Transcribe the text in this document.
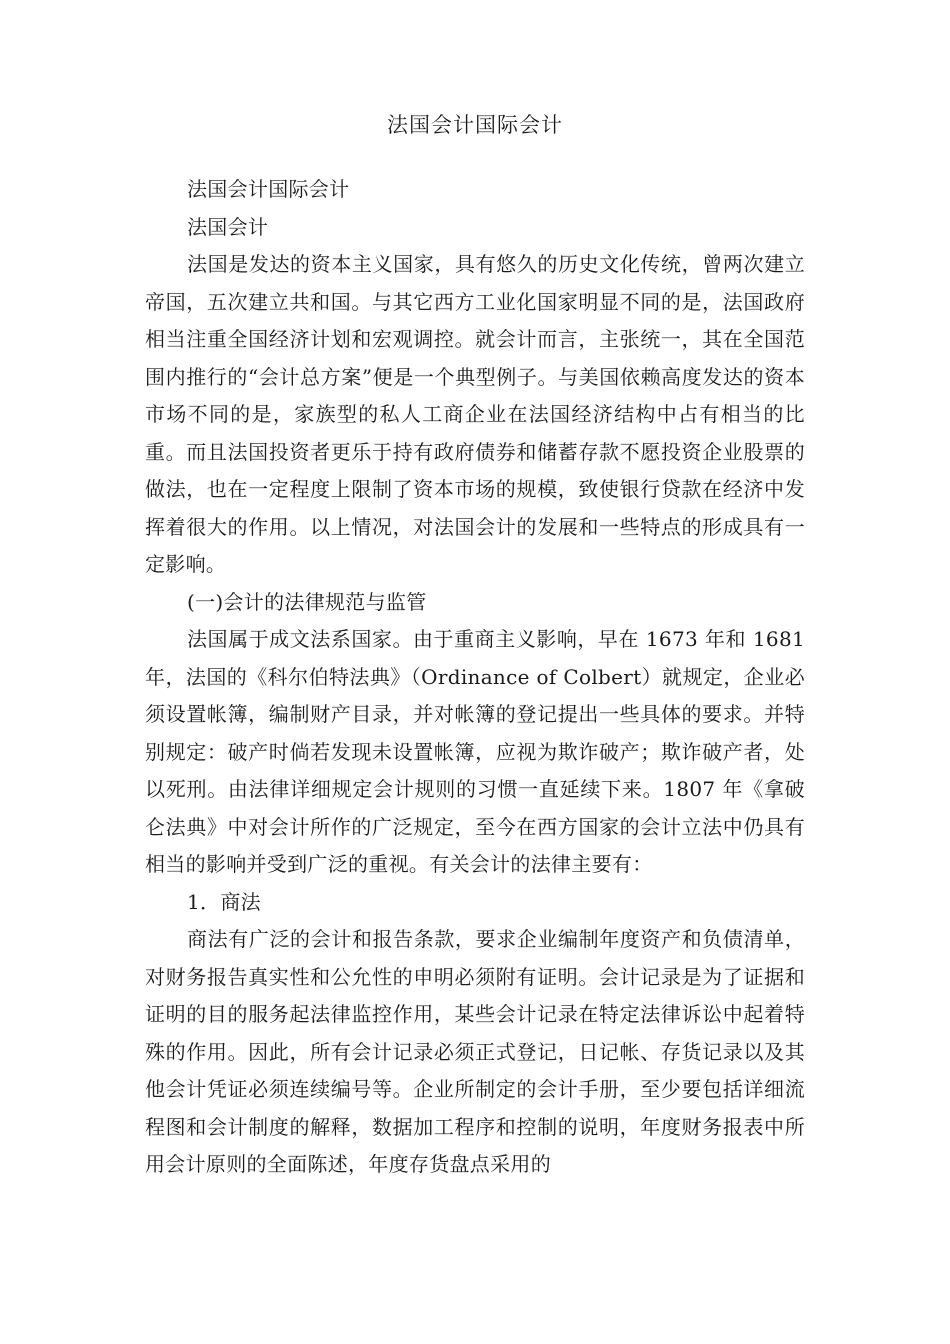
法国会计国际会计

法国会计国际会计

法国会计

法国是发达的资本主义国家，具有悠久的历史文化传统，曾两次建立帝国，五次建立共和国。与其它西方工业化国家明显不同的是，法国政府相当注重全国经济计划和宏观调控。就会计而言，主张统一，其在全国范围内推行的“会计总方案”便是一个典型例子。与美国依赖高度发达的资本市场不同的是，家族型的私人工商企业在法国经济结构中占有相当的比重。而且法国投资者更乐于持有政府债券和储蓄存款不愿投资企业股票的做法，也在一定程度上限制了资本市场的规模，致使银行贷款在经济中发挥着很大的作用。以上情况，对法国会计的发展和一些特点的形成具有一定影响。

(一)会计的法律规范与监管

法国属于成文法系国家。由于重商主义影响，早在 1673 年和 1681 年，法国的《科尔伯特法典》（Ordinance of Colbert）就规定，企业必须设置帐簿，编制财产目录，并对帐簿的登记提出一些具体的要求。并特别规定：破产时倘若发现未设置帐簿，应视为欺诈破产；欺诈破产者，处以死刑。由法律详细规定会计规则的习惯一直延续下来。1807 年《拿破仑法典》中对会计所作的广泛规定，至今在西方国家的会计立法中仍具有相当的影响并受到广泛的重视。有关会计的法律主要有：

1．商法

商法有广泛的会计和报告条款，要求企业编制年度资产和负债清单，对财务报告真实性和公允性的申明必须附有证明。会计记录是为了证据和证明的目的服务起法律监控作用，某些会计记录在特定法律诉讼中起着特殊的作用。因此，所有会计记录必须正式登记，日记帐、存货记录以及其他会计凭证必须连续编号等。企业所制定的会计手册，至少要包括详细流程图和会计制度的解释，数据加工程序和控制的说明，年度财务报表中所用会计原则的全面陈述，年度存货盘点采用的
